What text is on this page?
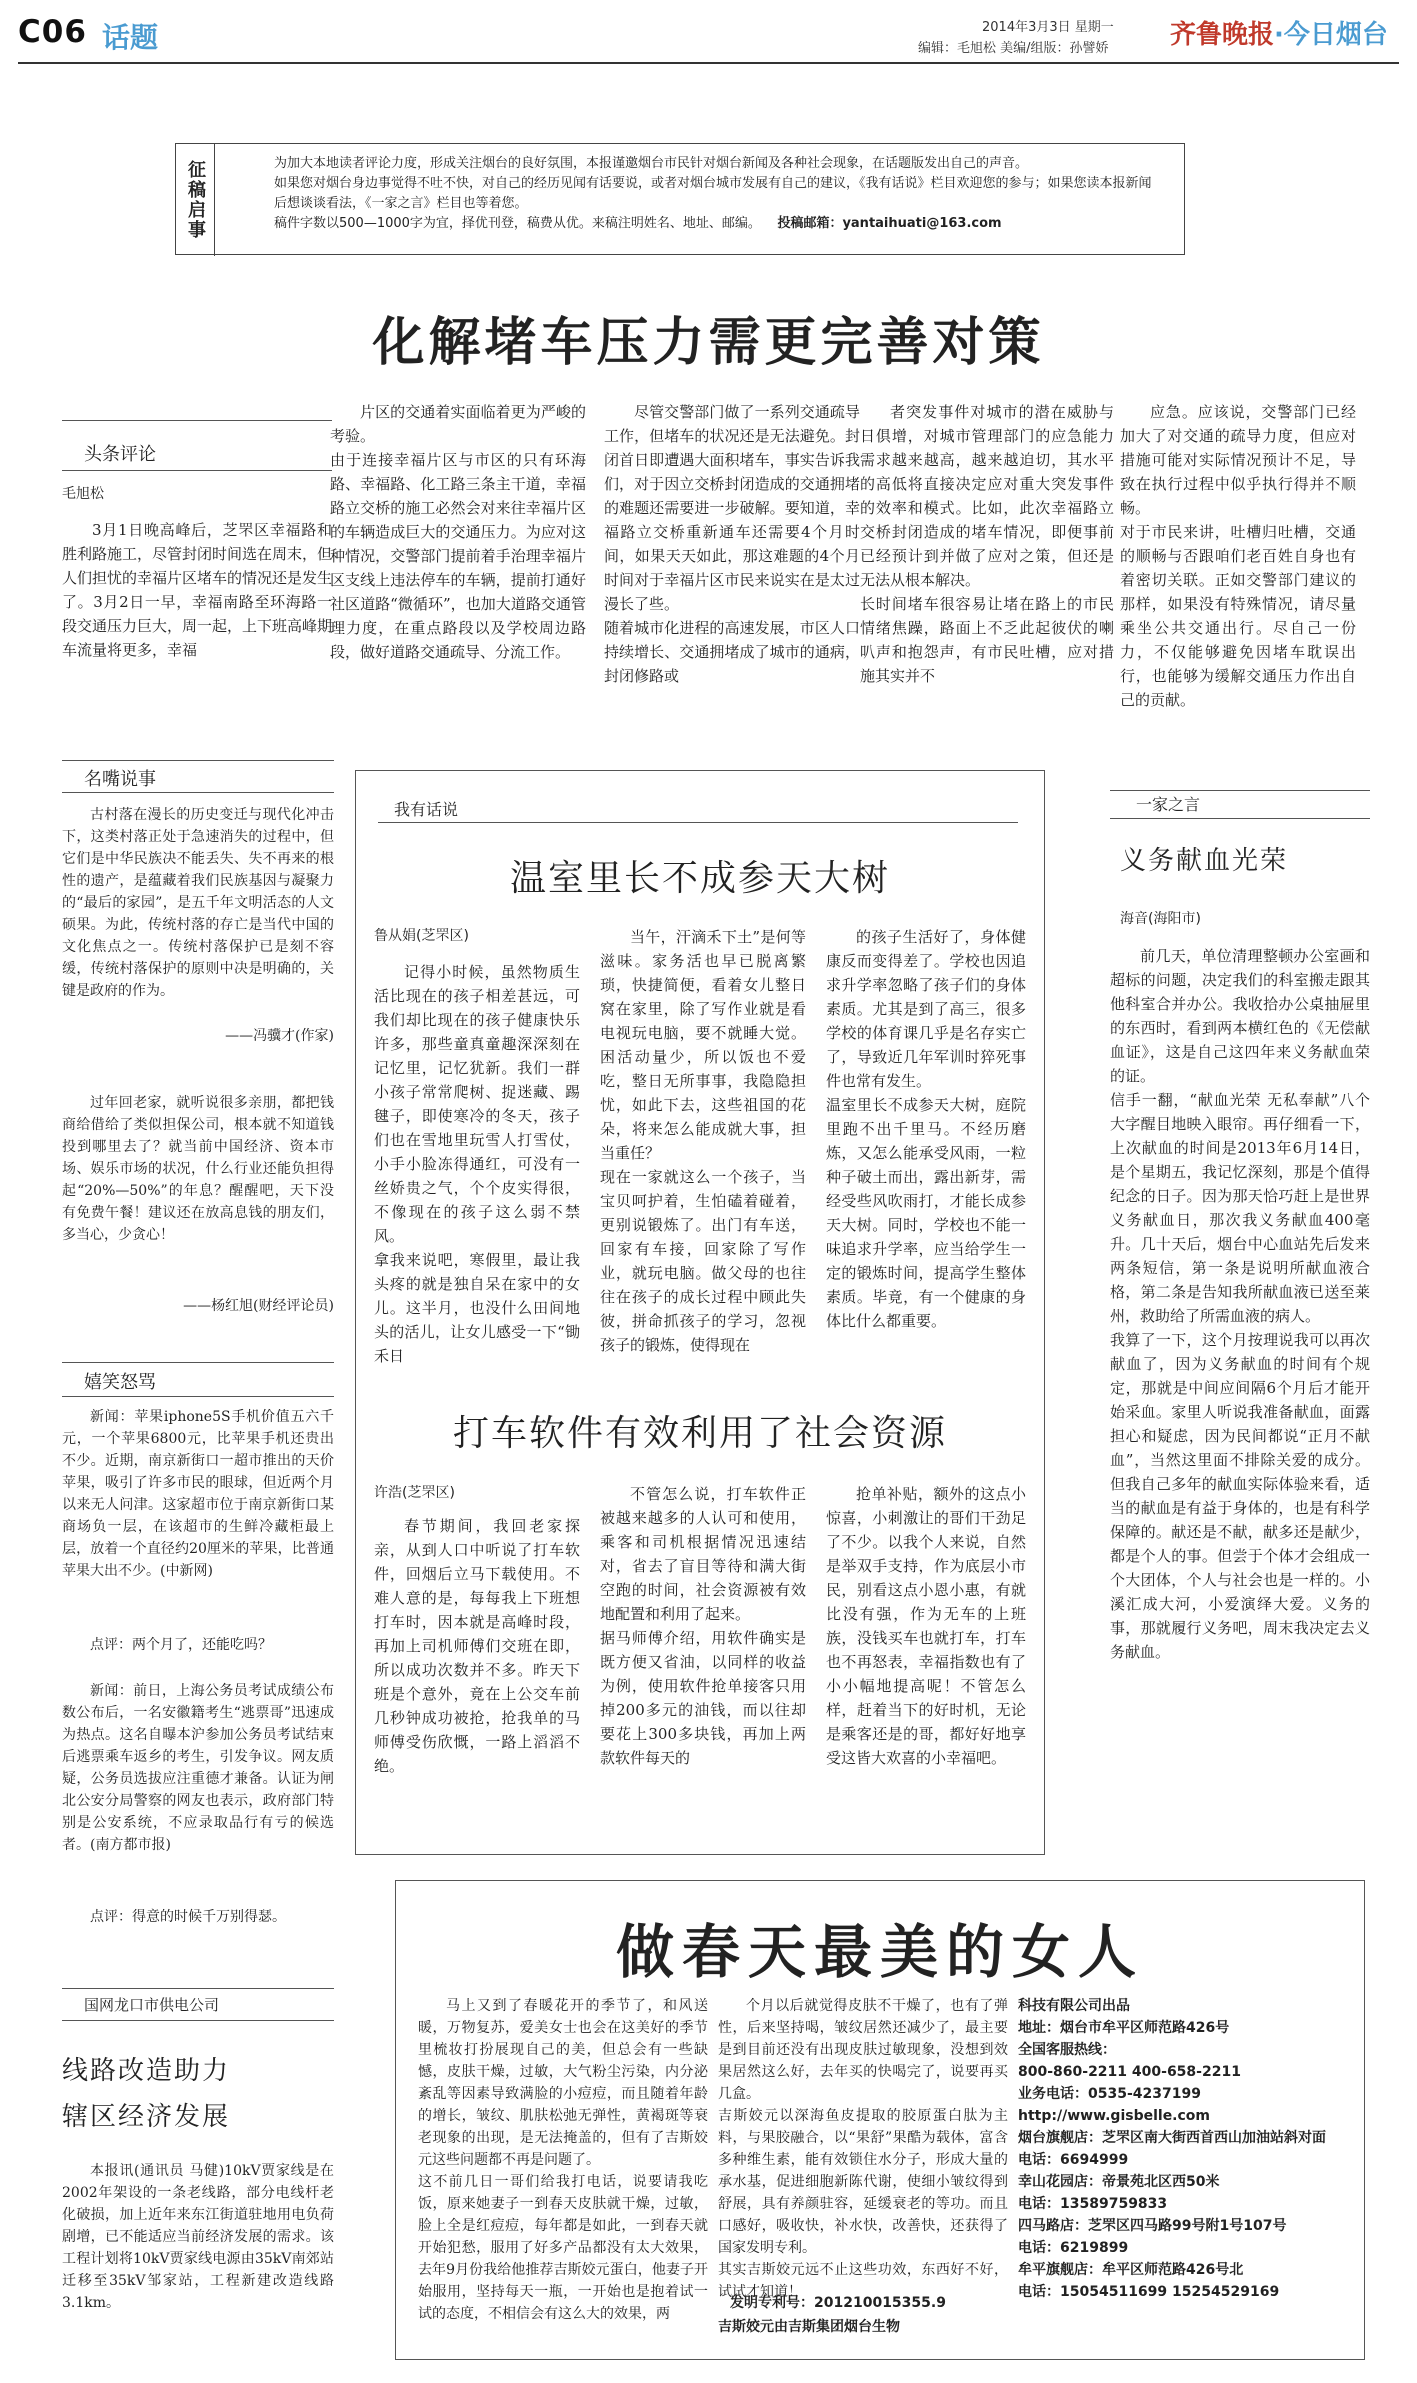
C06 话题	2014年3月3日 星期一
编辑：毛旭松 美编/组版：孙譬娇 齐鲁晚报·今日烟台
征稿启事	为加大本地读者评论力度，形成关注烟台的良好氛围，本报谨邀烟台市民针对烟台新闻及各种社会现象，在话题版发出自己的声音。
如果您对烟台身边事觉得不吐不快，对自己的经历见闻有话要说，或者对烟台城市发展有自己的建议，《我有话说》栏目欢迎您的参与；如果您读本报新闻后想谈谈看法，《一家之言》栏目也等着您。
稿件字数以500—1000字为宜，择优刊登，稿费从优。来稿注明姓名、地址、邮编。 投稿邮箱：yantaihuati@163.com
化解堵车压力需更完善对策
头条评论
毛旭松
3月1日晚高峰后，芝罘区幸福路和胜利路施工，尽管封闭时间选在周末，但人们担忧的幸福片区堵车的情况还是发生了。3月2日一早，幸福南路至环海路一段交通压力巨大，周一起，上下班高峰期车流量将更多，幸福
片区的交通着实面临着更为严峻的考验。
由于连接幸福片区与市区的只有环海路、幸福路、化工路三条主干道，幸福路立交桥的施工必然会对来往幸福片区的车辆造成巨大的交通压力。为应对这种情况，交警部门提前着手治理幸福片区支线上违法停车的车辆，提前打通好社区道路“微循环”，也加大道路交通管理力度，在重点路段以及学校周边路段，做好道路交通疏导、分流工作。
尽管交警部门做了一系列交通疏导工作，但堵车的状况还是无法避免。封闭首日即遭遇大面积堵车，事实告诉我们，对于因立交桥封闭造成的交通拥堵的难题还需要进一步破解。要知道，幸福路立交桥重新通车还需要4个月时间，如果天天如此，那这难题的4个月时间对于幸福片区市民来说实在是太过漫长了些。
随着城市化进程的高速发展，市区人口持续增长、交通拥堵成了城市的通病，封闭修路或
者突发事件对城市的潜在威胁与日俱增，对城市管理部门的应急能力需求越来越高，越来越迫切，其水平的高低将直接决定应对重大突发事件的效率和模式。比如，此次幸福路立交桥封闭造成的堵车情况，即便事前已经预计到并做了应对之策，但还是无法从根本解决。
长时间堵车很容易让堵在路上的市民情绪焦躁，路面上不乏此起彼伏的喇叭声和抱怨声，有市民吐槽，应对措施其实并不
应急。应该说，交警部门已经加大了对交通的疏导力度，但应对措施可能对实际情况预计不足，导致在执行过程中似乎执行得并不顺畅。
对于市民来讲，吐槽归吐槽，交通的顺畅与否跟咱们老百姓自身也有着密切关联。正如交警部门建议的那样，如果没有特殊情况，请尽量乘坐公共交通出行。尽自己一份力，不仅能够避免因堵车耽误出行，也能够为缓解交通压力作出自己的贡献。
名嘴说事
古村落在漫长的历史变迁与现代化冲击下，这类村落正处于急速消失的过程中，但它们是中华民族决不能丢失、失不再来的根性的遗产，是蕴藏着我们民族基因与凝聚力的“最后的家园”，是五千年文明活态的人文硕果。为此，传统村落的存亡是当代中国的文化焦点之一。传统村落保护已是刻不容缓，传统村落保护的原则中决是明确的，关键是政府的作为。
——冯骥才(作家)
过年回老家，就听说很多亲朋，都把钱商给借给了类似担保公司，根本就不知道钱投到哪里去了？就当前中国经济、资本市场、娱乐市场的状况，什么行业还能负担得起“20%—50%”的年息？醒醒吧，天下没有免费午餐！建议还在放高息钱的朋友们，多当心，少贪心！
——杨红旭(财经评论员)
嬉笑怒骂
新闻：苹果iphone5S手机价值五六千元，一个苹果6800元，比苹果手机还贵出不少。近期，南京新街口一超市推出的天价苹果，吸引了许多市民的眼球，但近两个月以来无人问津。这家超市位于南京新街口某商场负一层，在该超市的生鲜冷藏柜最上层，放着一个直径约20厘米的苹果，比普通苹果大出不少。(中新网)
点评：两个月了，还能吃吗？
新闻：前日，上海公务员考试成绩公布数公布后，一名安徽籍考生“逃票哥”迅速成为热点。这名自曝本沪参加公务员考试结束后逃票乘车返乡的考生，引发争议。网友质疑，公务员选拔应注重德才兼备。认证为闸北公安分局警察的网友也表示，政府部门特别是公安系统，不应录取品行有亏的候选者。(南方都市报)
点评：得意的时候千万别得瑟。
国网龙口市供电公司
线路改造助力
辖区经济发展
本报讯(通讯员 马健)10kV贾家线是在2002年架设的一条老线路，部分电线杆老化破损，加上近年来东江街道驻地用电负荷剧增，已不能适应当前经济发展的需求。该工程计划将10kV贾家线电源由35kV南郊站迁移至35kV邹家站，工程新建改造线路3.1km。
我有话说
温室里长不成参天大树
鲁从娟(芝罘区)
记得小时候，虽然物质生活比现在的孩子相差甚远，可我们却比现在的孩子健康快乐许多，那些童真童趣深深刻在记忆里，记忆犹新。我们一群小孩子常常爬树、捉迷藏、踢毽子，即使寒冷的冬天，孩子们也在雪地里玩雪人打雪仗，小手小脸冻得通红，可没有一丝娇贵之气，个个皮实得很，不像现在的孩子这么弱不禁风。
拿我来说吧，寒假里，最让我头疼的就是独自呆在家中的女儿。这半月，也没什么田间地头的活儿，让女儿感受一下“锄禾日
当午，汗滴禾下土”是何等滋味。家务活也早已脱离繁琐，快捷简便，看着女儿整日窝在家里，除了写作业就是看电视玩电脑，要不就睡大觉。困活动量少，所以饭也不爱吃，整日无所事事，我隐隐担忧，如此下去，这些祖国的花朵，将来怎么能成就大事，担当重任？
现在一家就这么一个孩子，当宝贝呵护着，生怕磕着碰着，更别说锻炼了。出门有车送，回家有车接，回家除了写作业，就玩电脑。做父母的也往往在孩子的成长过程中顾此失彼，拼命抓孩子的学习，忽视孩子的锻炼，使得现在
的孩子生活好了，身体健康反而变得差了。学校也因追求升学率忽略了孩子们的身体素质。尤其是到了高三，很多学校的体育课几乎是名存实亡了，导致近几年军训时猝死事件也常有发生。
温室里长不成参天大树，庭院里跑不出千里马。不经历磨炼，又怎么能承受风雨，一粒种子破土而出，露出新芽，需经受些风吹雨打，才能长成参天大树。同时，学校也不能一味追求升学率，应当给学生一定的锻炼时间，提高学生整体素质。毕竟，有一个健康的身体比什么都重要。
打车软件有效利用了社会资源
许浩(芝罘区)
春节期间，我回老家探亲，从到人口中听说了打车软件，回烟后立马下载使用。不难人意的是，每每我上下班想打车时，因本就是高峰时段，再加上司机师傅们交班在即，所以成功次数并不多。昨天下班是个意外，竟在上公交车前几秒钟成功被抢，抢我单的马师傅受伤欣慨，一路上滔滔不绝。
不管怎么说，打车软件正被越来越多的人认可和使用，乘客和司机根据情况迅速结对，省去了盲目等待和满大街空跑的时间，社会资源被有效地配置和利用了起来。
据马师傅介绍，用软件确实是既方便又省油，以同样的收益为例，使用软件抢单接客只用掉200多元的油钱，而以往却要花上300多块钱，再加上两款软件每天的
抢单补贴，额外的这点小惊喜，小刺激让的哥们干劲足了不少。以我个人来说，自然是举双手支持，作为底层小市民，别看这点小恩小惠，有就比没有强，作为无车的上班族，没钱买车也就打车，打车也不再怒表，幸福指数也有了小小幅地提高呢！不管怎么样，赶着当下的好时机，无论是乘客还是的哥，都好好地享受这皆大欢喜的小幸福吧。
一家之言
义务献血光荣
海音(海阳市)
前几天，单位清理整顿办公室画和超标的问题，决定我们的科室搬走跟其他科室合并办公。我收拾办公桌抽屉里的东西时，看到两本横红色的《无偿献血证》，这是自己这四年来义务献血荣的证。
信手一翻，“献血光荣 无私奉献”八个大字醒目地映入眼帘。再仔细看一下，上次献血的时间是2013年6月14日，是个星期五，我记忆深刻，那是个值得纪念的日子。因为那天恰巧赶上是世界义务献血日，那次我义务献血400毫升。几十天后，烟台中心血站先后发来两条短信，第一条是说明所献血液合格，第二条是告知我所献血液已送至莱州，救助给了所需血液的病人。
我算了一下，这个月按理说我可以再次献血了，因为义务献血的时间有个规定，那就是中间应间隔6个月后才能开始采血。家里人听说我准备献血，面露担心和疑虑，因为民间都说“正月不献血”，当然这里面不排除关爱的成分。但我自己多年的献血实际体验来看，适当的献血是有益于身体的，也是有科学保障的。献还是不献，献多还是献少，都是个人的事。但尝于个体才会组成一个大团体，个人与社会也是一样的。小溪汇成大河，小爱演绎大爱。义务的事，那就履行义务吧，周末我决定去义务献血。
做春天最美的女人
马上又到了春暖花开的季节了，和风送暖，万物复苏，爱美女士也会在这美好的季节里梳妆打扮展现自己的美，但总会有一些缺憾，皮肤干燥，过敏，大气粉尘污染，内分泌紊乱等因素导致满脸的小痘痘，而且随着年龄的增长，皱纹、肌肤松弛无弹性，黄褐斑等衰老现象的出现，是无法掩盖的，但有了吉斯姣元这些问题都不再是问题了。
这不前几日一哥们给我打电话，说要请我吃饭，原来她妻子一到春天皮肤就干燥，过敏，脸上全是红痘痘，每年都是如此，一到春天就开始犯愁，服用了好多产品都没有太大效果，去年9月份我给他推荐吉斯姣元蛋白，他妻子开始服用，坚持每天一瓶，一开始也是抱着试一试的态度，不相信会有这么大的效果，两
个月以后就觉得皮肤不干燥了，也有了弹性，后来坚持喝，皱纹居然还减少了，最主要是到目前还没有出现皮肤过敏现象，没想到效果居然这么好，去年买的快喝完了，说要再买几盒。
吉斯姣元以深海鱼皮提取的胶原蛋白肽为主料，与果胶融合，以“果舒”果酷为载体，富含多种维生素，能有效锁住水分子，形成大量的承水基，促进细胞新陈代谢，使细小皱纹得到舒展，具有养颜驻容，延缓衰老的等功。而且口感好，吸收快，补水快，改善快，还获得了国家发明专利。
其实吉斯姣元远不止这些功效，东西好不好，试试才知道！
发明专利号：201210015355.9
吉斯姣元由吉斯集团烟台生物
科技有限公司出品
地址：烟台市牟平区师范路426号
全国客服热线：
800-860-2211 400-658-2211
业务电话：0535-4237199
http://www.gisbelle.com
烟台旗舰店：芝罘区南大街西首西山加油站斜对面
电话：6694999
幸山花园店：帝景苑北区西50米
电话：13589759833
四马路店：芝罘区四马路99号附1号107号
电话：6219899
牟平旗舰店：牟平区师范路426号北
电话：15054511699 15254529169
